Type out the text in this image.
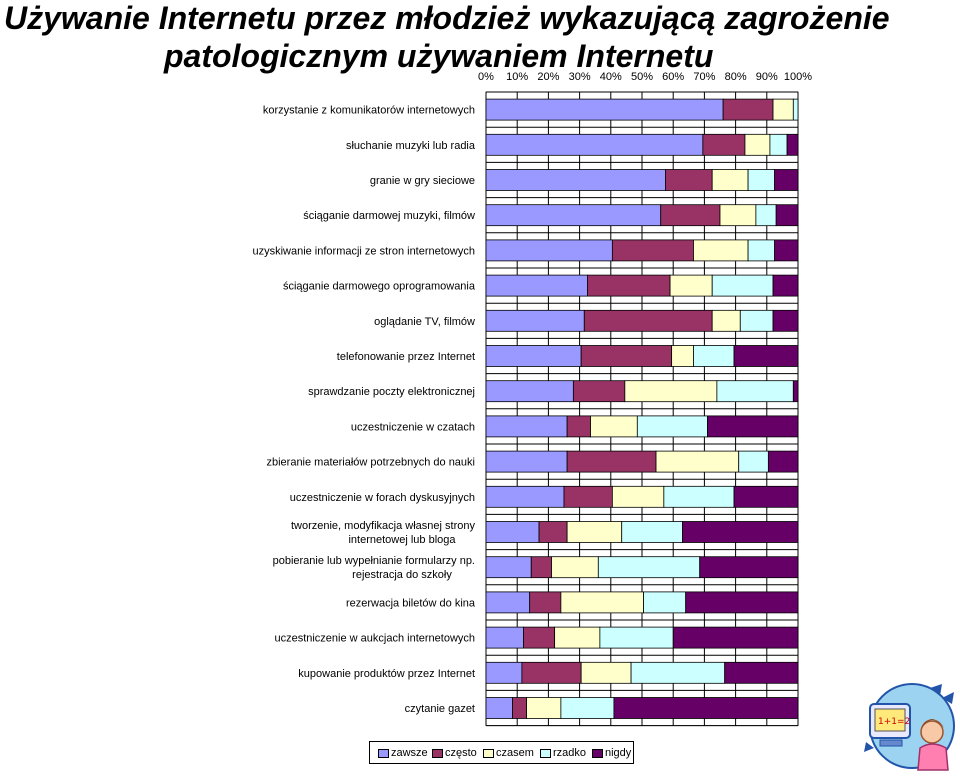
Używanie Internetu przez młodzież wykazującą zagrożenie
patologicznym używaniem Internetu
0% 10% 20% 30% 40% 50% 60% 70% 80% 90% 100%
korzystanie z komunikatorów internetowych
słuchanie muzyki lub radia
granie w gry sieciowe
ściąganie darmowej muzyki, filmów
uzyskiwanie informacji ze stron internetowych
ściąganie darmowego oprogramowania
oglądanie TV, filmów
telefonowanie przez Internet
sprawdzanie poczty elektronicznej
uczestniczenie w czatach
zbieranie materiałów potrzebnych do nauki
uczestniczenie w forach dyskusyjnych
tworzenie, modyfikacja własnej strony internetowej lub bloga
pobieranie lub wypełnianie formularzy np. rejestracja do szkoły
rezerwacja biletów do kina
uczestniczenie w aukcjach internetowych
kupowanie produktów przez Internet
czytanie gazet
zawsze	często	czasem	rzadko	nigdy
1+1=2
